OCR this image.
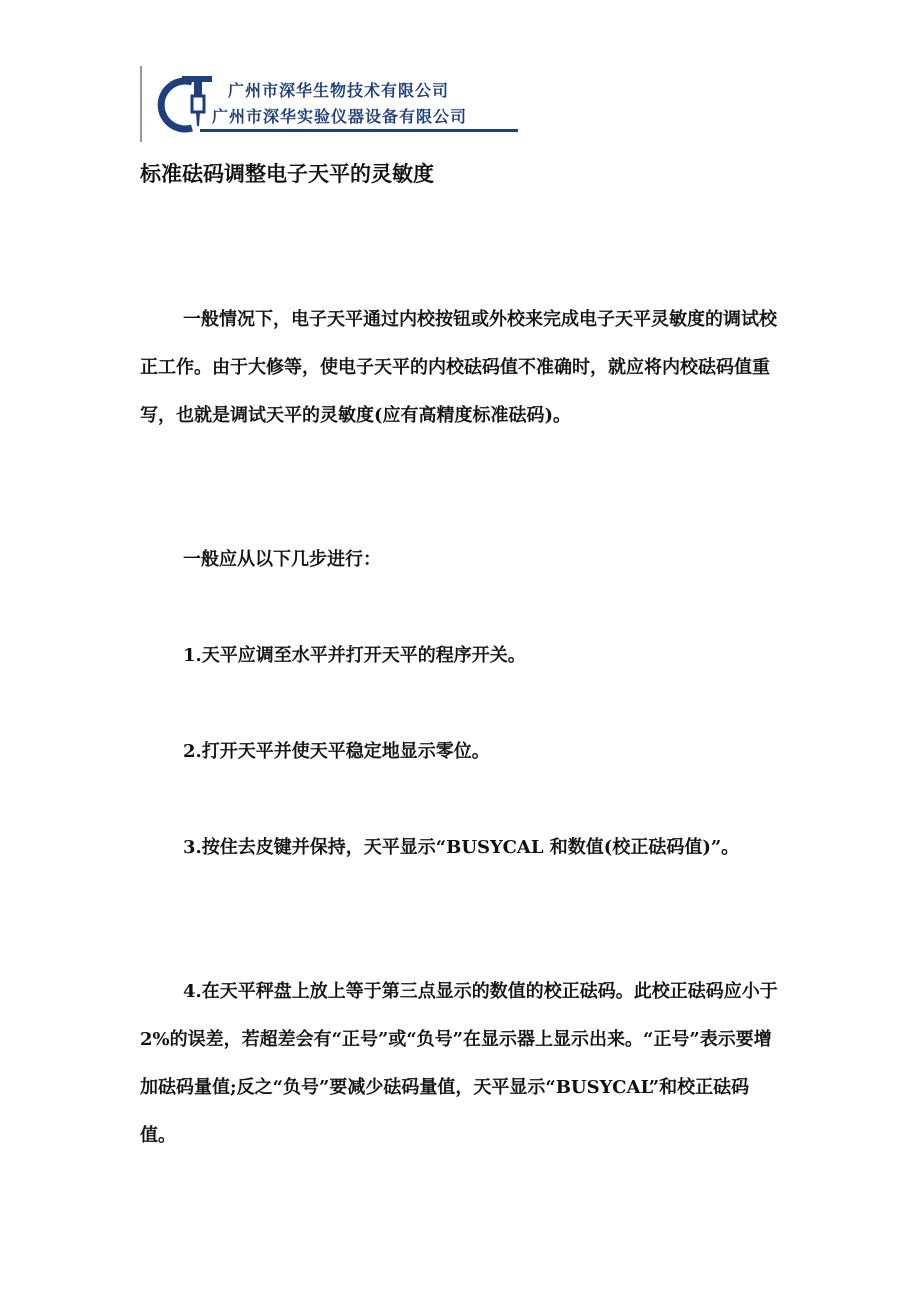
广州市深华生物技术有限公司
广州市深华实验仪器设备有限公司
标准砝码调整电子天平的灵敏度

一般情况下，电子天平通过内校按钮或外校来完成电子天平灵敏度的调试校正工作。由于大修等，使电子天平的内校砝码值不准确时，就应将内校砝码值重写，也就是调试天平的灵敏度(应有高精度标准砝码)。

一般应从以下几步进行：

1.天平应调至水平并打开天平的程序开关。

2.打开天平并使天平稳定地显示零位。

3.按住去皮键并保持，天平显示“BUSYCAL 和数值(校正砝码值)”。

4.在天平秤盘上放上等于第三点显示的数值的校正砝码。此校正砝码应小于2%的误差，若超差会有“正号”或“负号”在显示器上显示出来。“正号”表示要增加砝码量值;反之“负号”要减少砝码量值，天平显示“BUSYCAL”和校正砝码值。
